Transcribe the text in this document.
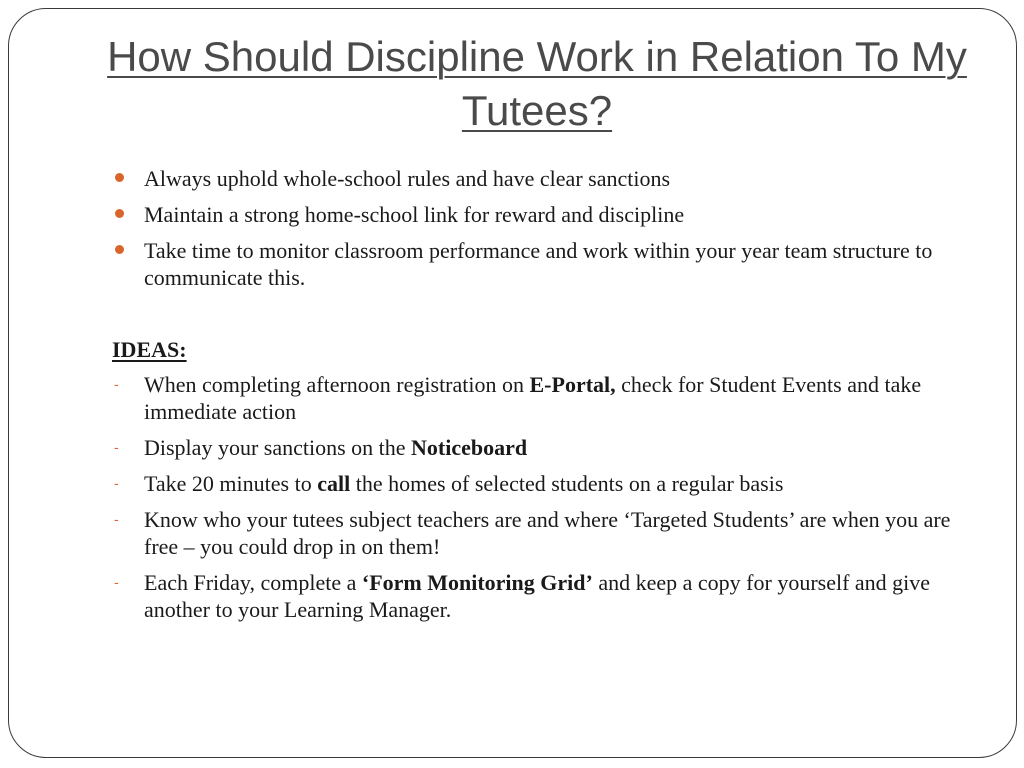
How Should Discipline Work in Relation To My Tutees?
Always uphold whole-school rules and have clear sanctions
Maintain a strong home-school link for reward and discipline
Take time to monitor classroom performance and work within your year team structure to communicate this.

IDEAS:

- When completing afternoon registration on E-Portal, check for Student Events and take immediate action
- Display your sanctions on the Noticeboard
- Take 20 minutes to call the homes of selected students on a regular basis
- Know who your tutees subject teachers are and where ‘Targeted Students’ are when you are free – you could drop in on them!
- Each Friday, complete a ‘Form Monitoring Grid’ and keep a copy for yourself and give another to your Learning Manager.
